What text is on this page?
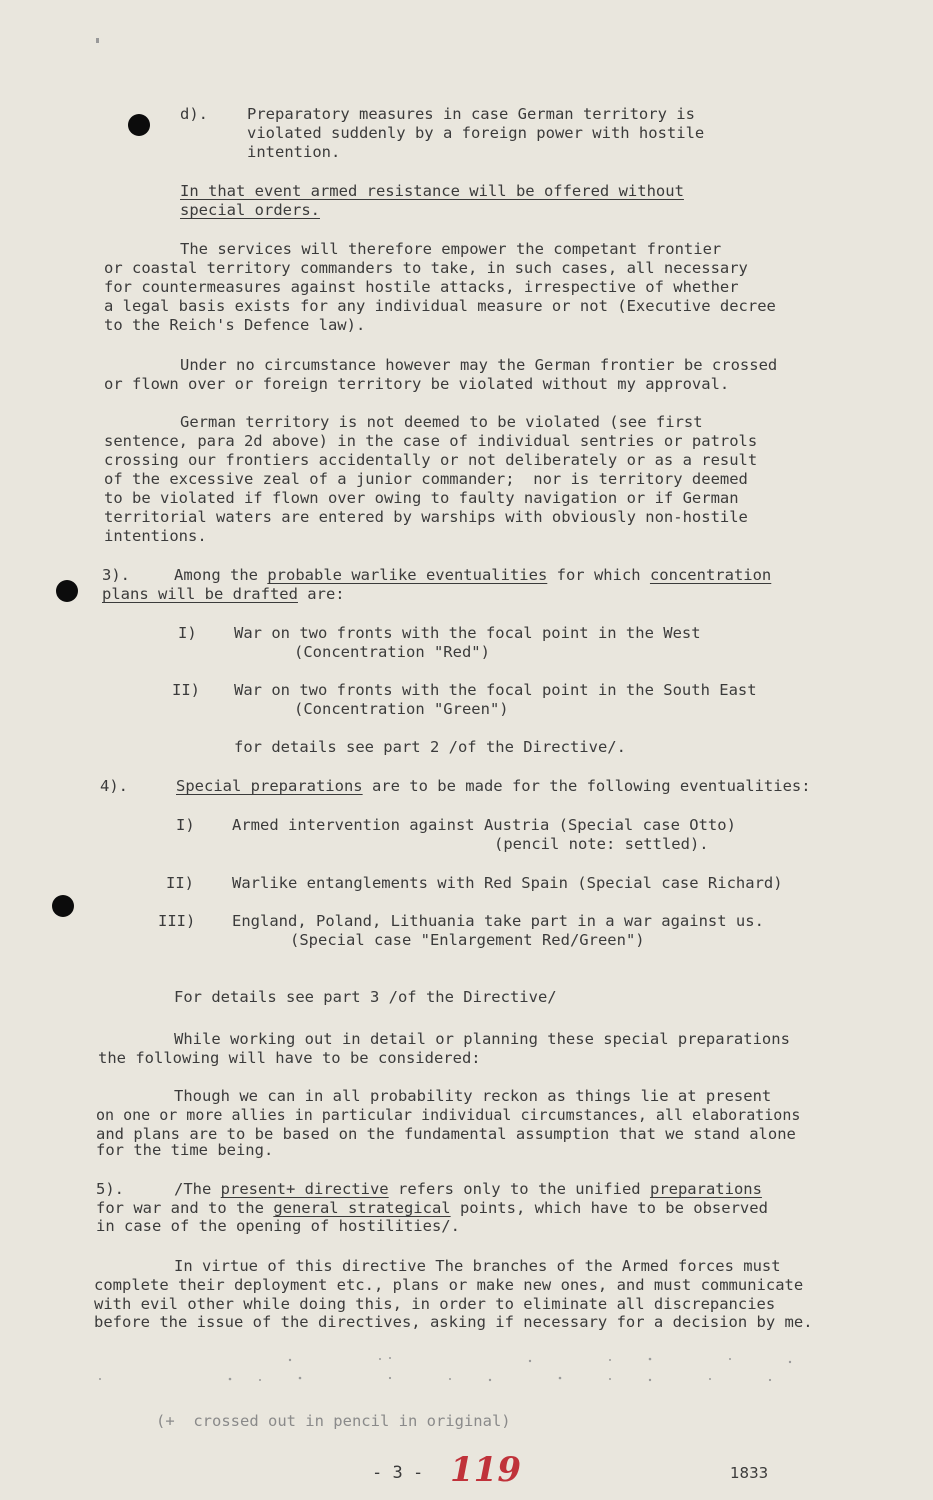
d).	Preparatory measures in case German territory is
violated suddenly by a foreign power with hostile
intention.
In that event armed resistance will be offered without
special orders.
The services will therefore empower the competant frontier
or coastal territory commanders to take, in such cases, all necessary
for countermeasures against hostile attacks, irrespective of whether
a legal basis exists for any individual measure or not (Executive decree
to the Reich's Defence law).
Under no circumstance however may the German frontier be crossed
or flown over or foreign territory be violated without my approval.
German territory is not deemed to be violated (see first
sentence, para 2d above) in the case of individual sentries or patrols
crossing our frontiers accidentally or not deliberately or as a result
of the excessive zeal of a junior commander;  nor is territory deemed
to be violated if flown over owing to faulty navigation or if German
territorial waters are entered by warships with obviously non-hostile
intentions.
3).	Among the probable warlike eventualities for which concentration
plans will be drafted are:
I) War on two fronts with the focal point in the West
(Concentration "Red")
II) War on two fronts with the focal point in the South East
(Concentration "Green")
for details see part 2 /of the Directive/.
4).	Special preparations are to be made for the following eventualities:
I) Armed intervention against Austria (Special case Otto)
(pencil note: settled).
II) Warlike entanglements with Red Spain (Special case Richard)
III) England, Poland, Lithuania take part in a war against us.
(Special case "Enlargement Red/Green")
For details see part 3 /of the Directive/
While working out in detail or planning these special preparations
the following will have to be considered:
Though we can in all probability reckon as things lie at present
on one or more allies in particular individual circumstances, all elaborations
and plans are to be based on the fundamental assumption that we stand alone
for the time being.
5).	/The present+ directive refers only to the unified preparations
for war and to the general strategical points, which have to be observed
in case of the opening of hostilities/.
In virtue of this directive The branches of the Armed forces must
complete their deployment etc., plans or make new ones, and must communicate
with evil other while doing this, in order to eliminate all discrepancies
before the issue of the directives, asking if necessary for a decision by me.
(+  crossed out in pencil in original)
- 3 - 119	1833
